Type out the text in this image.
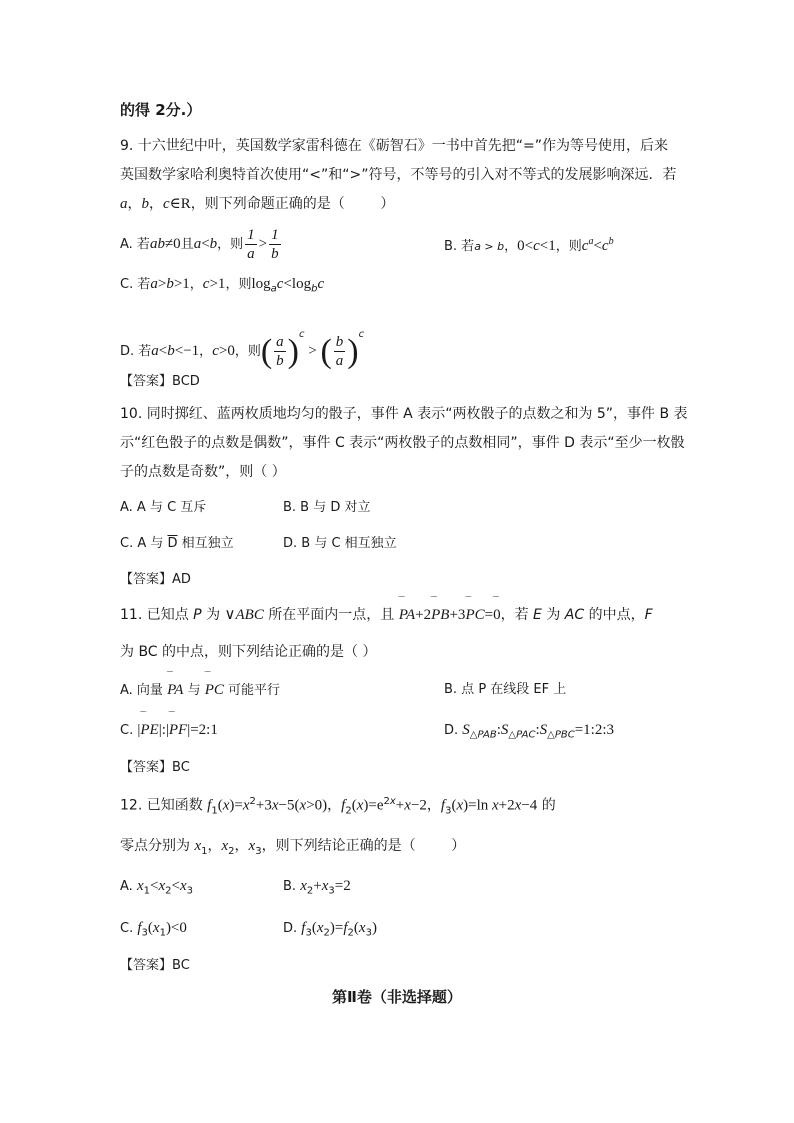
的得 2分.）
9. 十六世纪中叶，英国数学家雷科德在《砺智石》一书中首先把“=”作为等号使用，后来
英国数学家哈利奥特首次使用“<”和“>”符号，不等号的引入对不等式的发展影响深远．若
a，b，c∈R，则下列命题正确的是（        ）
A. 若ab≠0且a<b，则 $\frac{1}{a} > \frac{1}{b}$	B. 若a > b，0<c<1，则$c^a<c^b$
C. 若a>b>1，c>1，则$\log_ac<\log_bc$
D. 若a<b<−1，c>0，则( $\frac{a}{b} )^c$ > ( $\frac{b}{a} )^c$
【答案】BCD
10. 同时掷红、蓝两枚质地均匀的骰子，事件 A 表示“两枚骰子的点数之和为 5”，事件 B 表
示“红色骰子的点数是偶数”，事件 C 表示“两枚骰子的点数相同”，事件 D 表示“至少一枚骰
子的点数是奇数”，则（ ）
A. A 与 C 互斥	B. B 与 D 对立
C. A 与 $\overline{D}$ 相互独立	D. B 与 C 相互独立
【答案】AD
11. 已知点 P 为 ∨ABC 所在平面内一点，且 ‾‾ PA+2‾‾ PB+3‾‾ PC=‾‾ 0，若 E 为 AC 的中点，F
为 BC 的中点，则下列结论正确的是（ ）
A. 向量 ‾‾ PA 与 ‾‾ PC 可能平行	B. 点 P 在线段 EF 上
C. |‾‾ PE|:|‾‾ PF|=2:1	D. $S_{\triangle PAB}:S_{\triangle PAC}:S_{\triangle PBC}=1:2:3$
【答案】BC
12. 已知函数 $f_1(x)=x^2+3x-5(x>0)$，$f_2(x)=e^{2x}+x-2$，$f_3(x)=\ln$ x+2x−4 的
零点分别为 $x_1$，$x_2$，$x_3$，则下列结论正确的是（        ）
A. $x_1<x_2<x_3$	B. $x_2+x_3=2$
C. $f_3(x_1)<0$	D. $f_3(x_2)=f_2(x_3)$
【答案】BC
第Ⅱ卷（非选择题）
